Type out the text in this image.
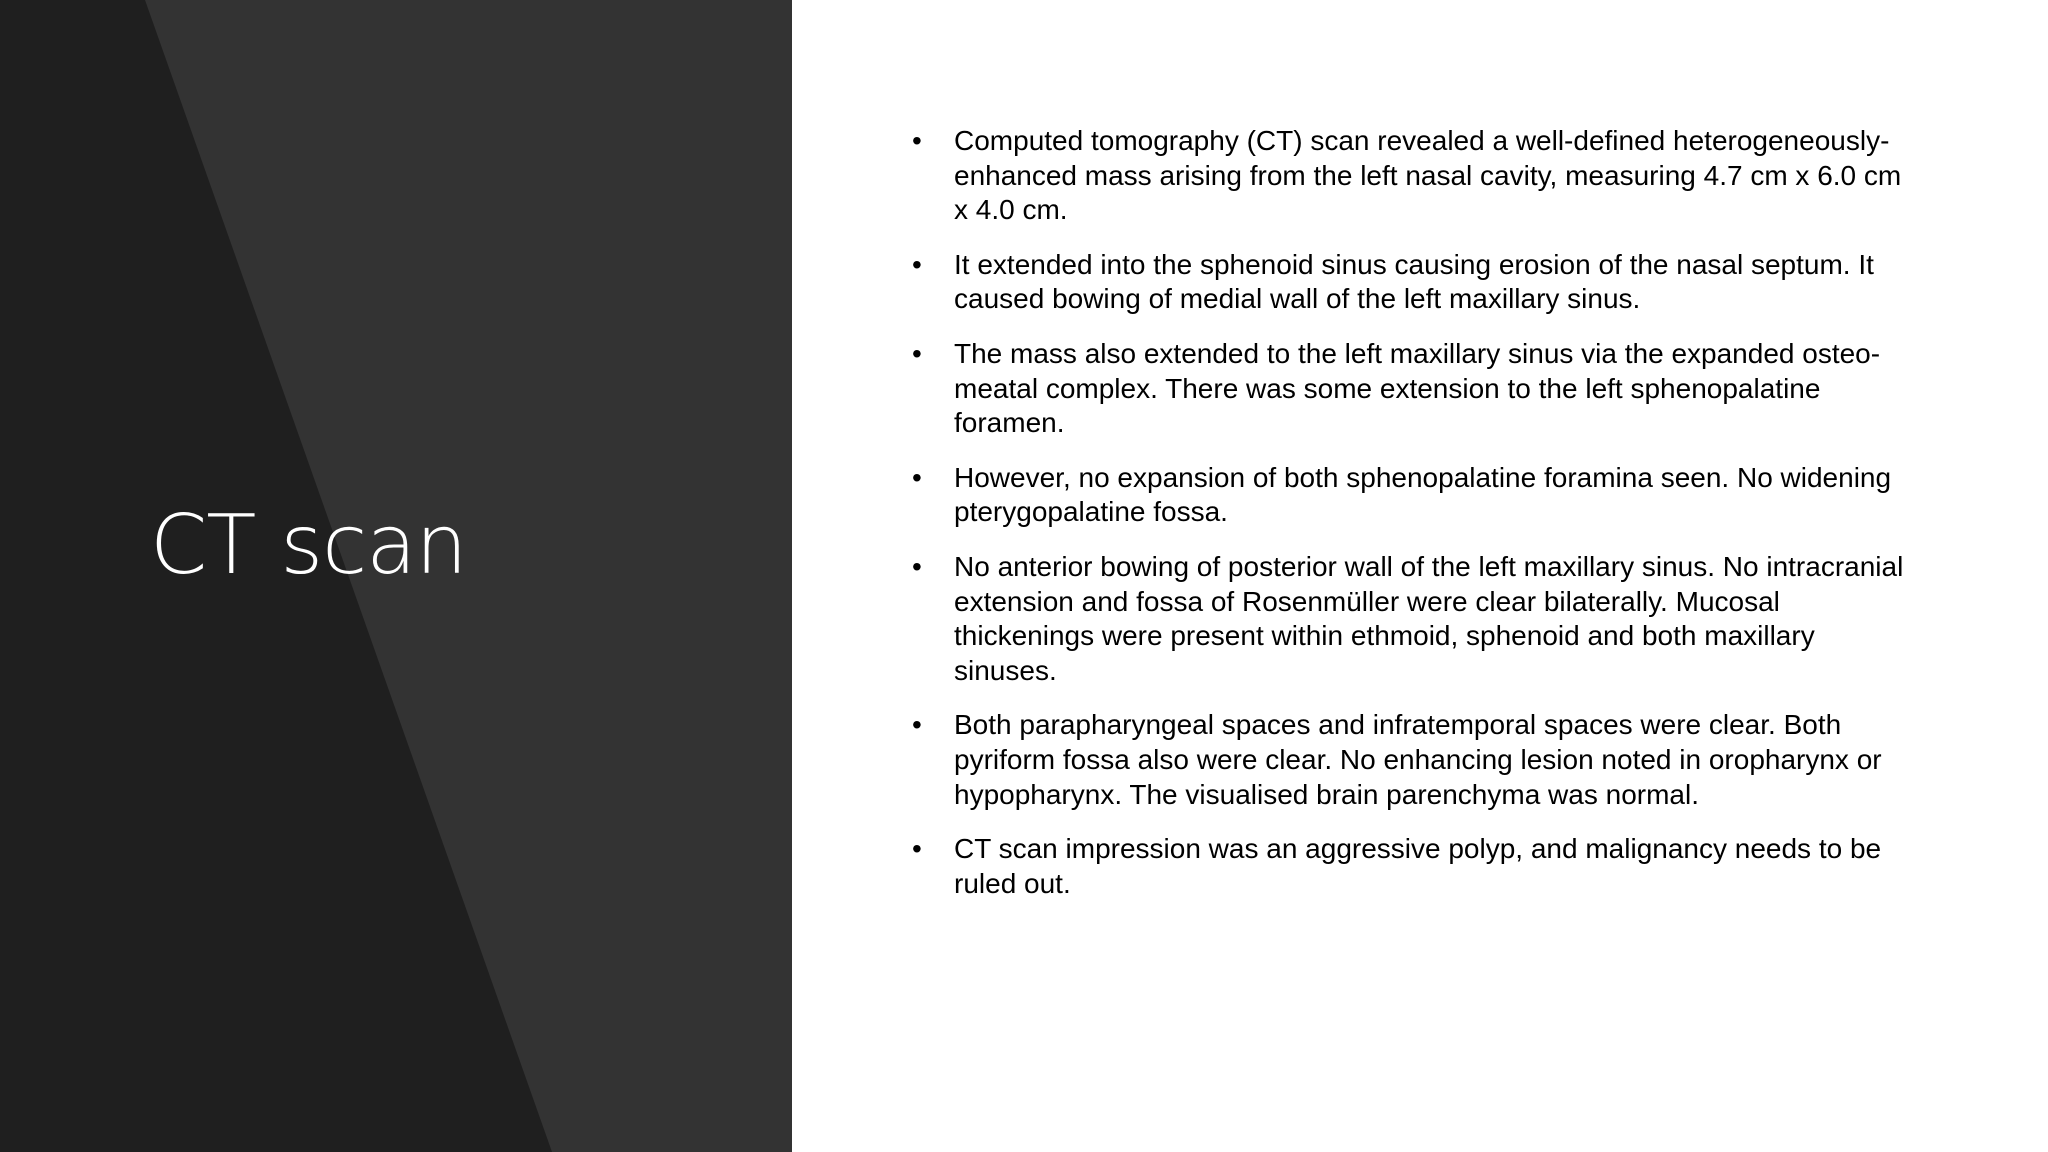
CT scan
• Computed tomography (CT) scan revealed a well-defined heterogeneously-enhanced mass arising from the left nasal cavity, measuring 4.7 cm x 6.0 cm x 4.0 cm.
• It extended into the sphenoid sinus causing erosion of the nasal septum. It caused bowing of medial wall of the left maxillary sinus.
• The mass also extended to the left maxillary sinus via the expanded osteo-meatal complex. There was some extension to the left sphenopalatine foramen.
• However, no expansion of both sphenopalatine foramina seen. No widening pterygopalatine fossa.
• No anterior bowing of posterior wall of the left maxillary sinus. No intracranial extension and fossa of Rosenmüller were clear bilaterally. Mucosal thickenings were present within ethmoid, sphenoid and both maxillary sinuses.
• Both parapharyngeal spaces and infratemporal spaces were clear. Both pyriform fossa also were clear. No enhancing lesion noted in oropharynx or hypopharynx. The visualised brain parenchyma was normal.
• CT scan impression was an aggressive polyp, and malignancy needs to be ruled out.
